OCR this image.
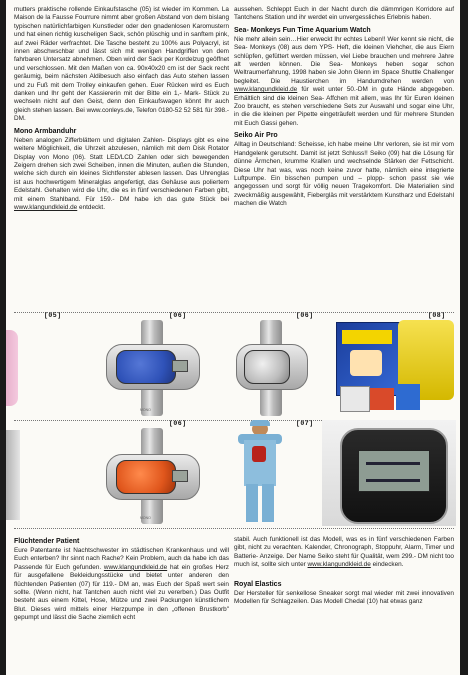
mutters praktische rollende Einkaufstasche (05) ist wieder im Kommen. La Maison de la Fausse Fourrure nimmt aber großen Abstand von dem bislang typischen natürlichfarbigen Kunstleder oder den gnadenlosen Karomustern und hat einen richtig kuscheligen Sack, schön plüschig und in sanftem pink, auf zwei Räder verfrachtet. Die Tasche besteht zu 100% aus Polyacryl, ist innen abschwschbar und lässt sich mit wenigen Handgriffen von dem fahrbaren Untersatz abnehmen. Oben wird der Sack per Kordelzug geöffnet und verschlossen. Mit den Maßen von ca. 90x40x20 cm ist der Sack recht geräumig, beim nächsten Aldibesuch also einfach das Auto stehen lassen und zu Fuß mit dem Trolley einkaufen gehen. Euer Rücken wird es Euch danken und Ihr geht der Kassiererin mit der Bitte ein 1,- Mark- Stück zu wechseln nicht auf den Geist, denn den Einkaufswagen könnt Ihr auch gleich stehen lassen. Bei www.conleys.de, Telefon 0180-52 52 581 für 398.- DM.

Mono Armbanduhr

Neben analogen Zifferblättern und digitalen Zahlen- Displays gibt es eine weitere Möglichkeit, die Uhrzeit abzulesen, nämlich mit dem Disk Rotator Display von Mono (06). Statt LED/LCD Zahlen oder sich bewegenden Zeigern drehen sich zwei Scheiben, innen die Minuten, außen die Stunden, welche sich durch ein kleines Sichtfenster ablesen lassen. Das Uhrenglas ist aus hochwertigem Mineralglas angefertigt, das Gehäuse aus poliertem Edelstahl. Gehalten wird die Uhr, die es in fünf verschiedenen Farben gibt, mit einem Stahlband. Für 159.- DM habe ich das gute Stück bei www.klangundkleid.de entdeckt.

aussehen. Schleppt Euch in der Nacht durch die dämmrigen Korridore auf Tantchens Station und ihr werdet ein unvergessliches Erlebnis haben.

Sea- Monkeys Fun Time Aquarium Watch

Nie mehr allein sein…Hier erweckt Ihr echtes Leben!! Wer kennt sie nicht, die Sea- Monkeys (08) aus dem YPS- Heft, die kleinen Viehcher, die aus Eiern schlüpfen, gefüttert werden müssen, viel Liebe brauchen und mehrere Jahre alt werden können. Die Sea- Monkeys heben sogar schon Weltraumerfahrung, 1998 haben sie John Glenn im Space Shuttle Challenger begleitet. Die Haustierchen im Handumdrehen werden von www.klangundkleid.de für weit unter 50.-DM in gute Hände abgegeben. Erhältlich sind die kleinen Sea- Affchen mit allem, was Ihr für Euren kleinen Zoo braucht, es stehen verschiedene Sets zur Auswahl und sogar eine Uhr, in die die kleinen per Pipette eingeträufelt werden und für mehrere Stunden mit Euch Gassi gehen.

Seiko Air Pro

Alltag in Deutschland: Scheisse, ich habe meine Uhr verloren, sie ist mir vom Handgelenk gerutscht. Damit ist jetzt Schluss!! Seiko (09) hat die Lösung für dünne Ärmchen, krumme Krallen und wechselnde Stärken der Fettschicht. Diese Uhr hat was, was noch keine zuvor hatte, nämlich eine integrierte Luftpumpe. Ein bisschen pumpen und – plopp- schon passt sie wie angegossen und sorgt für völlig neuen Tragekomfort. Die Materialien sind zweckmäßig ausgewählt, Fiebergläs mit verstärktem Kunstharz und Edelstahl machen die Watch

[05]	[06]	[06]	[08]
[06]	[07]
MONO
MONO
Flüchtender Patient

Eure Patentante ist Nachtschwester im städtischen Krankenhaus und will Euch enterben? Ihr sinnt nach Rache? Kein Problem, auch da habe ich das Passende für Euch gefunden. www.klangundkleid.de hat ein großes Herz für ausgefallene Bekleidungsstücke und bietet unter anderen den flüchtenden Patienten (07) für 119.- DM an, was Euch der Spaß wert sein sollte. (Wenn nicht, hat Tantchen auch nicht viel zu vererben.) Das Outfit besteht aus einem Kittel, Hose, Mütze und zwei Packungen künstlichem Blut. Dieses wird mittels einer Herzpumpe in den „offenen Brustkorb" gepumpt und lässt die Sache ziemlich echt

stabil. Auch funktionell ist das Modell, was es in fünf verschiedenen Farben gibt, nicht zu verachten. Kalender, Chronograph, Stoppuhr, Alarm, Timer und Batterie- Anzeige. Der Name Seiko steht für Qualität, wem 299.- DM nicht too much ist, sollte sich unter www.klangundkleid.de eindecken.

Royal Elastics

Der Hersteller für senkellose Sneaker sorgt mal wieder mit zwei innovativen Modellen für Schlagzeilen. Das Modell Chedal (10) hat etwas ganz
